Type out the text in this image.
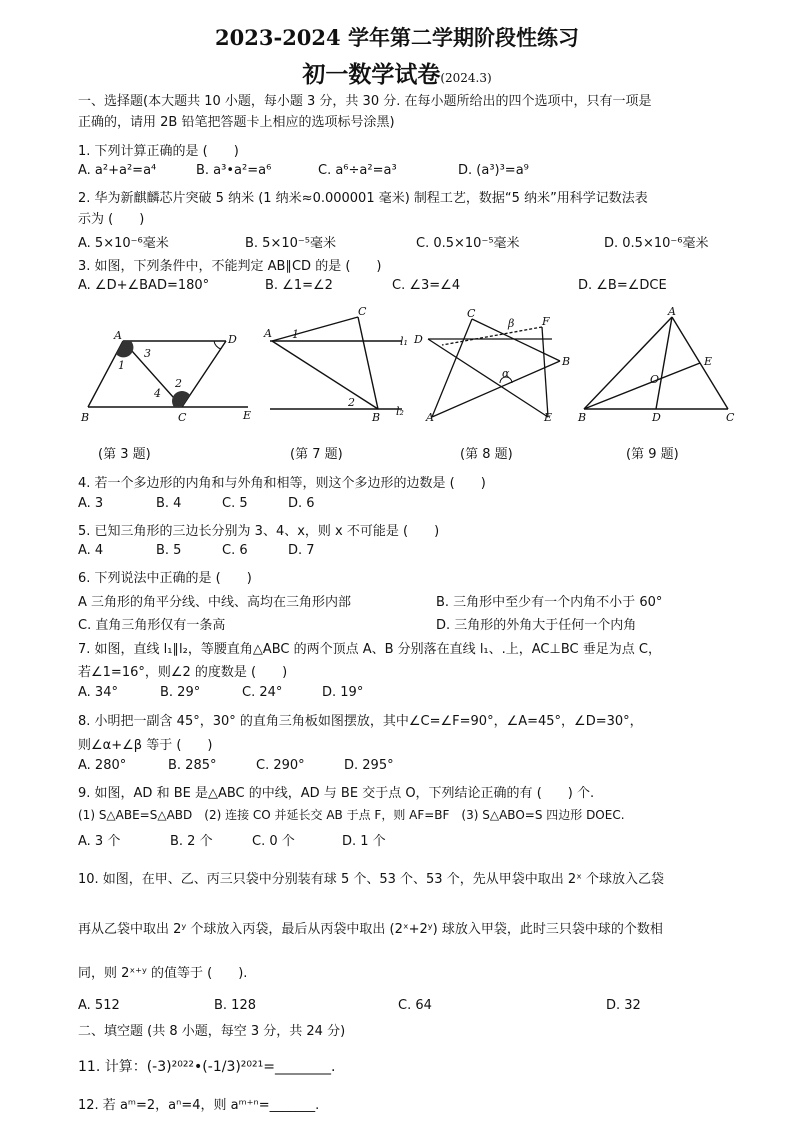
2023-2024 学年第二学期阶段性练习
初一数学试卷(2024.3)
一、选择题(本大题共 10 小题，每小题 3 分，共 30 分. 在每小题所给出的四个选项中，只有一项是
正确的，请用 2B 铅笔把答题卡上相应的选项标号涂黑)
1. 下列计算正确的是 (　　)
A. a²+a²=a⁴	B. a³•a²=a⁶	C. a⁶÷a²=a³	D. (a³)³=a⁹
2. 华为新麒麟芯片突破 5 纳米 (1 纳米≈0.000001 毫米) 制程工艺，数据“5 纳米”用科学记数法表
示为 (　　)
A. 5×10⁻⁶毫米	B. 5×10⁻⁵毫米	C. 0.5×10⁻⁵毫米	D. 0.5×10⁻⁶毫米
3. 如图，下列条件中，不能判定 AB∥CD 的是 (　　)
A. ∠D+∠BAD=180°	B. ∠1=∠2	C. ∠3=∠4	D. ∠B=∠DCE
A	D
B	C	E
1
3
4
2
A
C
B
l₁
l₂
1
2
C
F
D
B
A	E
α
β
A
B	C
D
E
O
(第 3 题)	(第 7 题)	(第 8 题)	(第 9 题)
4. 若一个多边形的内角和与外角和相等，则这个多边形的边数是 (　　)
A. 3	B. 4	C. 5	D. 6
5. 已知三角形的三边长分别为 3、4、x，则 x 不可能是 (　　)
A. 4	B. 5	C. 6	D. 7
6. 下列说法中正确的是 (　　)
A 三角形的角平分线、中线、高均在三角形内部	B. 三角形中至少有一个内角不小于 60°
C. 直角三角形仅有一条高	D. 三角形的外角大于任何一个内角
7. 如图，直线 l₁∥l₂，等腰直角△ABC 的两个顶点 A、B 分别落在直线 l₁、.上，AC⊥BC 垂足为点 C，
若∠1=16°，则∠2 的度数是 (　　)
A. 34°	B. 29°	C. 24°	D. 19°
8. 小明把一副含 45°，30° 的直角三角板如图摆放，其中∠C=∠F=90°，∠A=45°，∠D=30°，
则∠α+∠β 等于 (　　)
A. 280°	B. 285°	C. 290°	D. 295°
9. 如图，AD 和 BE 是△ABC 的中线，AD 与 BE 交于点 O，下列结论正确的有 (　　) 个.
(1) S△ABE=S△ABD　(2) 连接 CO 并延长交 AB 于点 F，则 AF=BF　(3) S△ABO=S 四边形 DOEC.
A. 3 个	B. 2 个	C. 0 个	D. 1 个
10. 如图，在甲、乙、丙三只袋中分别装有球 5 个、53 个、53 个，先从甲袋中取出 2ˣ 个球放入乙袋
再从乙袋中取出 2ʸ 个球放入丙袋，最后从丙袋中取出 (2ˣ+2ʸ) 球放入甲袋，此时三只袋中球的个数相
同，则 2ˣ⁺ʸ 的值等于 (　　).
A. 512	B. 128	C. 64	D. 32
二、填空题 (共 8 小题，每空 3 分，共 24 分)
11. 计算：(-3)²⁰²²•(-1/3)²⁰²¹=________.
12. 若 aᵐ=2，aⁿ=4，则 aᵐ⁺ⁿ=_______.
